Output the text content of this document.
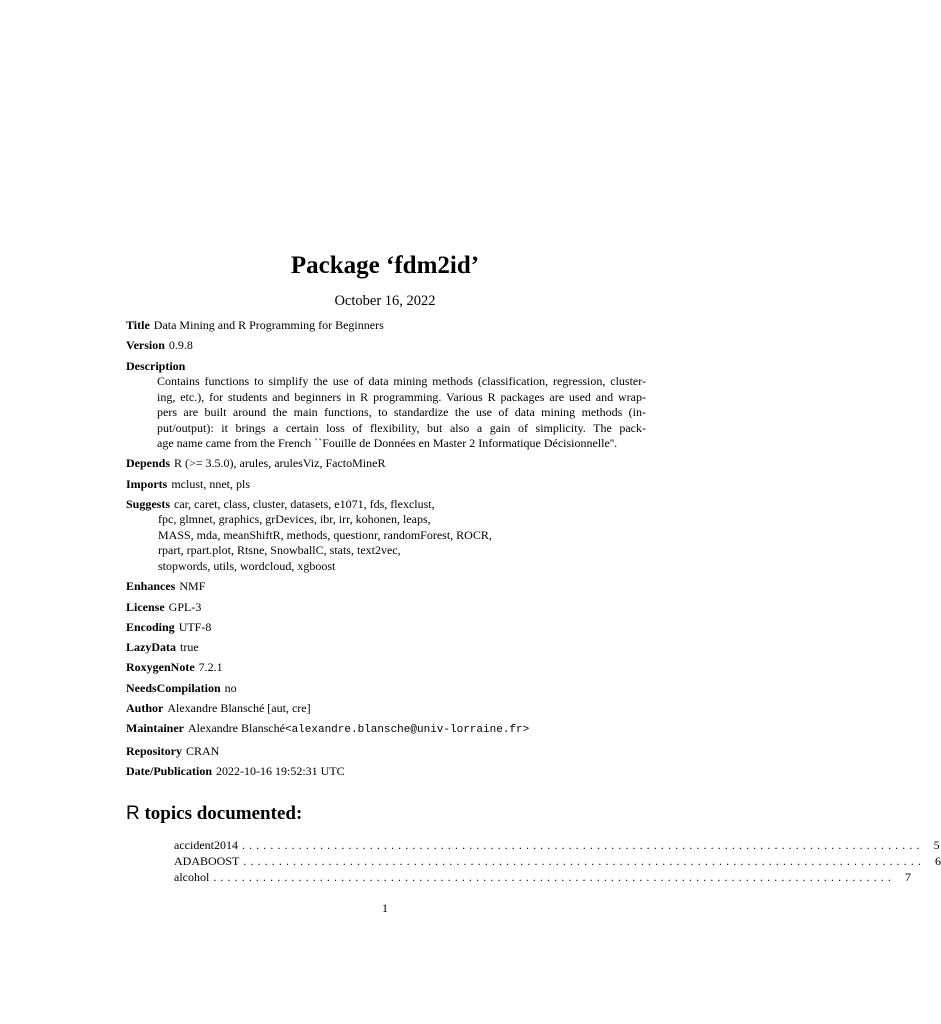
Package ‘fdm2id’
October 16, 2022
Title Data Mining and R Programming for Beginners
Version 0.9.8
Description
Contains functions to simplify the use of data mining methods (classification, regression, cluster-
ing, etc.), for students and beginners in R programming. Various R packages are used and wrap-
pers are built around the main functions, to standardize the use of data mining methods (in-
put/output): it brings a certain loss of flexibility, but also a gain of simplicity. The pack-
age name came from the French ``Fouille de Données en Master 2 Informatique Décisionnelle''.
Depends R (>= 3.5.0), arules, arulesViz, FactoMineR
Imports mclust, nnet, pls
Suggests car, caret, class, cluster, datasets, e1071, fds, flexclust,
fpc, glmnet, graphics, grDevices, ibr, irr, kohonen, leaps,
MASS, mda, meanShiftR, methods, questionr, randomForest, ROCR,
rpart, rpart.plot, Rtsne, SnowballC, stats, text2vec,
stopwords, utils, wordcloud, xgboost
Enhances NMF
License GPL-3
Encoding UTF-8
LazyData true
RoxygenNote 7.2.1
NeedsCompilation no
Author Alexandre Blansché [aut, cre]
Maintainer Alexandre Blansché<alexandre.blansche@univ-lorraine.fr>
Repository CRAN
Date/Publication 2022-10-16 19:52:31 UTC
R topics documented:
accident2014 ................................................................................................ 5
ADABOOST ................................................................................................ 6
alcohol ................................................................................................ 7
1
